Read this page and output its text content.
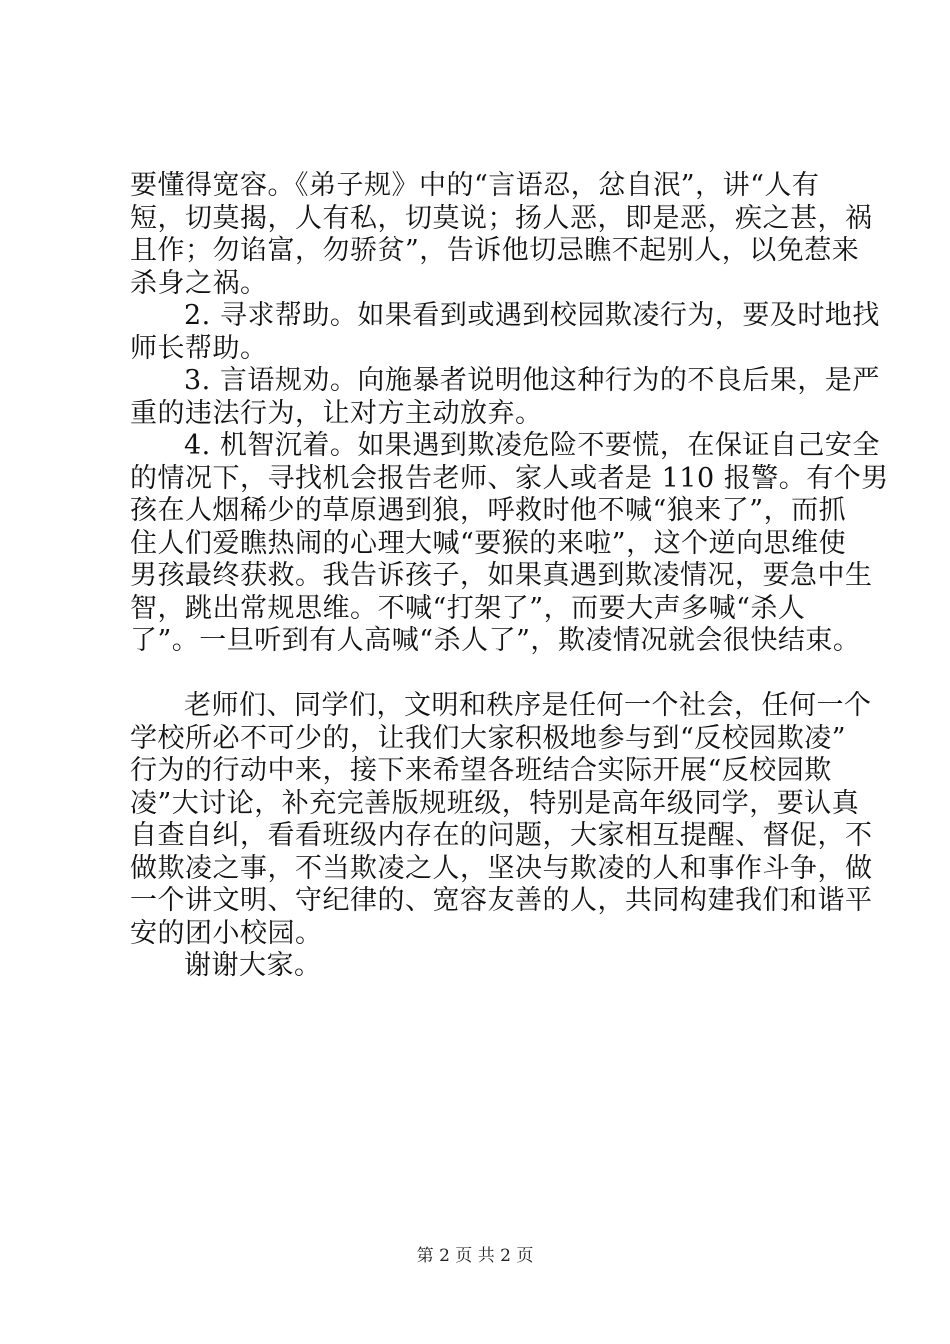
要懂得宽容。《弟子规》中的“言语忍，忿自泯”，讲“人有
短，切莫揭，人有私，切莫说；扬人恶，即是恶，疾之甚，祸
且作；勿谄富，勿骄贫”，告诉他切忌瞧不起别人，以免惹来
杀身之祸。
2. 寻求帮助。如果看到或遇到校园欺凌行为，要及时地找
师长帮助。
3. 言语规劝。向施暴者说明他这种行为的不良后果，是严
重的违法行为，让对方主动放弃。
4. 机智沉着。如果遇到欺凌危险不要慌，在保证自己安全
的情况下，寻找机会报告老师、家人或者是 110 报警。有个男
孩在人烟稀少的草原遇到狼，呼救时他不喊“狼来了”，而抓
住人们爱瞧热闹的心理大喊“要猴的来啦”，这个逆向思维使
男孩最终获救。我告诉孩子，如果真遇到欺凌情况，要急中生
智，跳出常规思维。不喊“打架了”，而要大声多喊“杀人
了”。一旦听到有人高喊“杀人了”，欺凌情况就会很快结束。
老师们、同学们，文明和秩序是任何一个社会，任何一个
学校所必不可少的，让我们大家积极地参与到“反校园欺凌”
行为的行动中来，接下来希望各班结合实际开展“反校园欺
凌”大讨论，补充完善版规班级，特别是高年级同学，要认真
自查自纠，看看班级内存在的问题，大家相互提醒、督促，不
做欺凌之事，不当欺凌之人，坚决与欺凌的人和事作斗争，做
一个讲文明、守纪律的、宽容友善的人，共同构建我们和谐平
安的团小校园。
谢谢大家。
第 2 页 共 2 页
